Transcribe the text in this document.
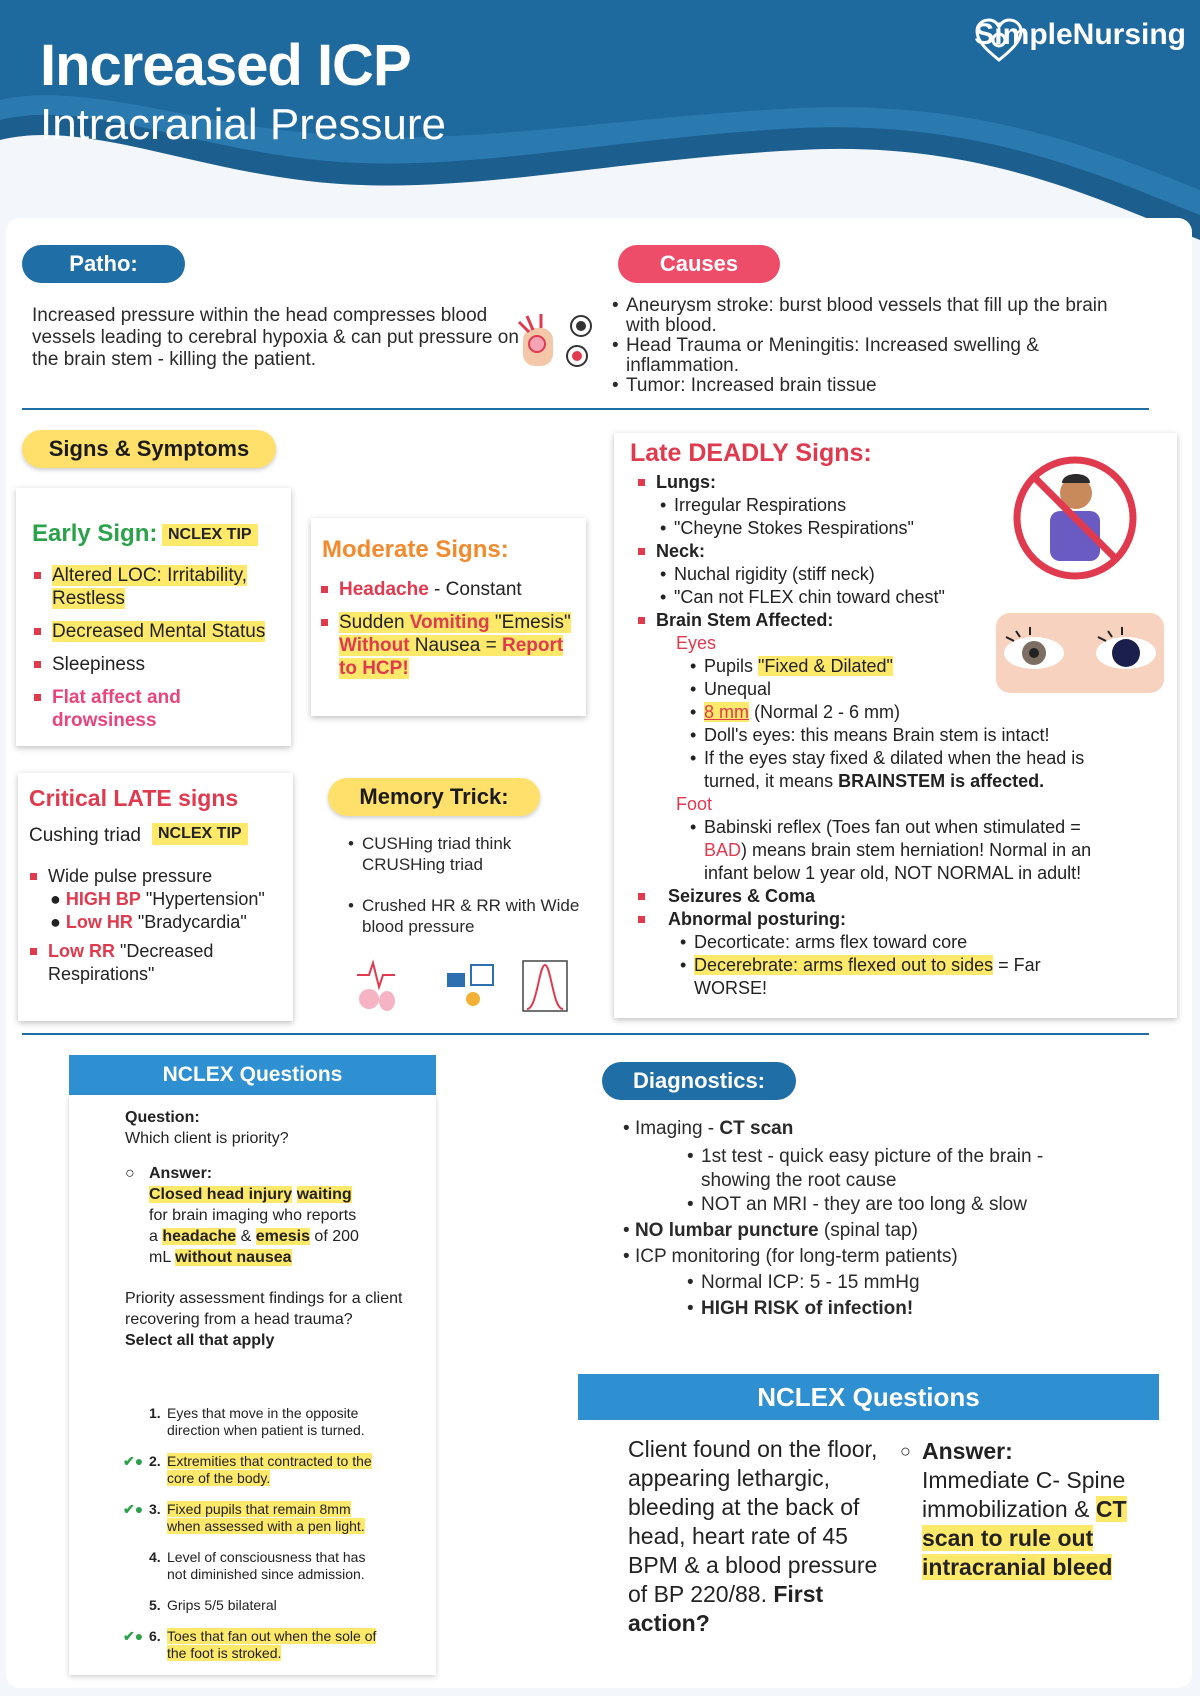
Increased ICP
Intracranial Pressure
SimpleNursing
Patho:
Increased pressure within the head compresses blood vessels leading to cerebral hypoxia & can put pressure on the brain stem - killing the patient.
Causes
• Aneurysm stroke: burst blood vessels that fill up the brain with blood.
• Head Trauma or Meningitis: Increased swelling & inflammation.
• Tumor: Increased brain tissue
Signs & Symptoms
Early Sign: NCLEX TIP
Altered LOC: Irritability, Restless
Decreased Mental Status
Sleepiness
Flat affect and drowsiness
Moderate Signs:
Headache - Constant
Sudden Vomiting "Emesis" Without Nausea = Report to HCP!
Critical LATE signs
Cushing triad	NCLEX TIP
Wide pulse pressure
● HIGH BP "Hypertension"
● Low HR "Bradycardia"
Low RR "Decreased Respirations"
Memory Trick:
• CUSHing triad think CRUSHing triad
• Crushed HR & RR with Wide blood pressure
Late DEADLY Signs:
Lungs:
• Irregular Respirations
• "Cheyne Stokes Respirations"
Neck:
• Nuchal rigidity (stiff neck)
• "Can not FLEX chin toward chest"
Brain Stem Affected:
Eyes
• Pupils "Fixed & Dilated"
• Unequal
• 8 mm (Normal 2 - 6 mm)
• Doll's eyes: this means Brain stem is intact!
• If the eyes stay fixed & dilated when the head is turned, it means BRAINSTEM is affected.
Foot
• Babinski reflex (Toes fan out when stimulated = BAD) means brain stem herniation! Normal in an infant below 1 year old, NOT NORMAL in adult!
Seizures & Coma
Abnormal posturing:
• Decorticate: arms flex toward core
• Decerebrate: arms flexed out to sides = Far WORSE!
NCLEX Questions
Question:
Which client is priority?
○ Answer:
Closed head injury waiting for brain imaging who reports a headache & emesis of 200 mL without nausea
Priority assessment findings for a client recovering from a head trauma?
Select all that apply
1. Eyes that move in the opposite direction when patient is turned.
✔● 2. Extremities that contracted to the core of the body.
✔● 3. Fixed pupils that remain 8mm when assessed with a pen light.
4. Level of consciousness that has not diminished since admission.
5. Grips 5/5 bilateral
✔● 6. Toes that fan out when the sole of the foot is stroked.
Diagnostics:
• Imaging - CT scan
• 1st test - quick easy picture of the brain - showing the root cause
• NOT an MRI - they are too long & slow
• NO lumbar puncture (spinal tap)
• ICP monitoring (for long-term patients)
• Normal ICP: 5 - 15 mmHg
• HIGH RISK of infection!
NCLEX Questions
Client found on the floor, appearing lethargic, bleeding at the back of head, heart rate of 45 BPM & a blood pressure of BP 220/88. First action?
○ Answer:
Immediate C- Spine immobilization & CT scan to rule out intracranial bleed
